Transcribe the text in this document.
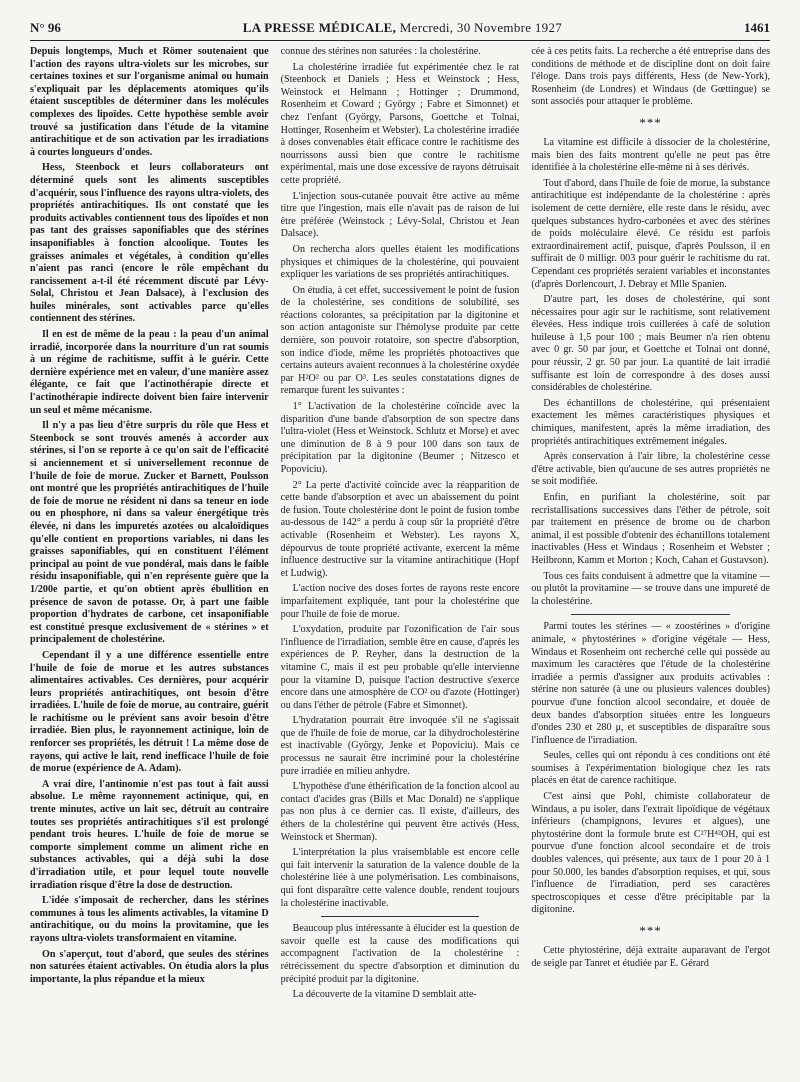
N° 96	LA PRESSE MÉDICALE, Mercredi, 30 Novembre 1927	1461

Depuis longtemps, Much et Römer soutenaient que l'action des rayons ultra-violets sur les microbes, sur certaines toxines et sur l'organisme animal ou humain s'expliquait par les déplacements atomiques qu'ils étaient susceptibles de déterminer dans les molécules complexes des lipoïdes. Cette hypothèse semble avoir trouvé sa justification dans l'étude de la vitamine antirachitique et de son activation par les irradiations à courtes longueurs d'ondes.

Hess, Steenbock et leurs collaborateurs ont déterminé quels sont les aliments susceptibles d'acquérir, sous l'influence des rayons ultra-violets, des propriétés antirachitiques. Ils ont constaté que les produits activables contiennent tous des lipoïdes et non pas tant des graisses saponifiables que des stérines insaponifiables à fonction alcoolique. Toutes les graisses animales et végétales, à condition qu'elles n'aient pas ranci (encore le rôle empêchant du rancissement a-t-il été récemment discuté par Lévy-Solal, Christou et Jean Dalsace), à l'exclusion des huiles minérales, sont activables parce qu'elles contiennent des stérines.

Il en est de même de la peau : la peau d'un animal irradié, incorporée dans la nourriture d'un rat soumis à un régime de rachitisme, suffit à le guérir. Cette dernière expérience met en valeur, d'une manière assez élégante, ce fait que l'actinothérapie directe et l'actinothérapie indirecte doivent bien faire intervenir un seul et même mécanisme.

Il n'y a pas lieu d'être surpris du rôle que Hess et Steenbock se sont trouvés amenés à accorder aux stérines, si l'on se reporte à ce qu'on sait de l'efficacité si anciennement et si universellement reconnue de l'huile de foie de morue. Zucker et Barnett, Poulsson ont montré que les propriétés antirachitiques de l'huile de foie de morue ne résident ni dans sa teneur en iode ou en phosphore, ni dans sa valeur énergétique très élevée, ni dans les impuretés azotées ou alcaloïdiques qu'elle contient en proportions variables, ni dans les graisses saponifiables, qui en constituent l'élément principal au point de vue pondéral, mais dans le faible résidu insaponifiable, qui n'en représente guère que la 1/200e partie, et qu'on obtient après ébullition en présence de savon de potasse. Or, à part une faible proportion d'hydrates de carbone, cet insaponifiable est constitué presque exclusivement de « stérines » et principalement de cholestérine.

Cependant il y a une différence essentielle entre l'huile de foie de morue et les autres substances alimentaires activables. Ces dernières, pour acquérir leurs propriétés antirachitiques, ont besoin d'être irradiées. L'huile de foie de morue, au contraire, guérit le rachitisme ou le prévient sans avoir besoin d'être irradiée. Bien plus, le rayonnement actinique, loin de renforcer ses propriétés, les détruit ! La même dose de rayons, qui active le lait, rend inefficace l'huile de foie de morue (expérience de A. Adam).

A vrai dire, l'antinomie n'est pas tout à fait aussi absolue. Le même rayonnement actinique, qui, en trente minutes, active un lait sec, détruit au contraire toutes ses propriétés antirachitiques s'il est prolongé pendant trois heures. L'huile de foie de morue se comporte simplement comme un aliment riche en substances activables, qui a déjà subi la dose d'irradiation utile, et pour lequel toute nouvelle irradiation risque d'être la dose de destruction.

L'idée s'imposait de rechercher, dans les stérines communes à tous les aliments activables, la vitamine D antirachitique, ou du moins la provitamine, que les rayons ultra-violets transformaient en vitamine.

On s'aperçut, tout d'abord, que seules des stérines non saturées étaient activables. On étudia alors la plus importante, la plus répandue et la mieux

connue des stérines non saturées : la cholestérine.

La cholestérine irradiée fut expérimentée chez le rat (Steenbock et Daniels ; Hess et Weinstock ; Hess, Weinstock et Helmann ; Hottinger ; Drummond, Rosenheim et Coward ; György ; Fabre et Simonnet) et chez l'enfant (György, Parsons, Goettche et Tolnai, Hottinger, Rosenheim et Webster). La cholestérine irradiée à doses convenables était efficace contre le rachitisme des nourrissons aussi bien que contre le rachitisme expérimental, mais une dose excessive de rayons détruisait cette propriété.

L'injection sous-cutanée pouvait être active au même titre que l'ingestion, mais elle n'avait pas de raison de lui être préférée (Weinstock ; Lévy-Solal, Christou et Jean Dalsace).

On rechercha alors quelles étaient les modifications physiques et chimiques de la cholestérine, qui pouvaient expliquer les variations de ses propriétés antirachitiques.

On étudia, à cet effet, successivement le point de fusion de la cholestérine, ses conditions de solubilité, ses réactions colorantes, sa précipitation par la digitonine et son action antagoniste sur l'hémolyse produite par cette dernière, son pouvoir rotatoire, son spectre d'absorption, son indice d'iode, même les propriétés photoactives que certains auteurs avaient reconnues à la cholestérine oxydée par H²O² ou par O³. Les seules constatations dignes de remarque furent les suivantes :

1° L'activation de la cholestérine coïncide avec la disparition d'une bande d'absorption de son spectre dans l'ultra-violet (Hess et Weinstock. Schlutz et Morse) et avec une diminution de 8 à 9 pour 100 dans son taux de précipitation par la digitonine (Beumer ; Nitzesco et Popoviciu).

2° La perte d'activité coïncide avec la réapparition de cette bande d'absorption et avec un abaissement du point de fusion. Toute cholestérine dont le point de fusion tombe au-dessous de 142° a perdu à coup sûr la propriété d'être activable (Rosenheim et Webster). Les rayons X, dépourvus de toute propriété activante, exercent la même influence destructive sur la vitamine antirachitique (Hopf et Ludwig).

L'action nocive des doses fortes de rayons reste encore imparfaitement expliquée, tant pour la cholestérine que pour l'huile de foie de morue.

L'oxydation, produite par l'ozonification de l'air sous l'influence de l'irradiation, semble être en cause, d'après les expériences de P. Reyher, dans la destruction de la vitamine C, mais il est peu probable qu'elle intervienne pour la vitamine D, puisque l'action destructive s'exerce encore dans une atmosphère de CO² ou d'azote (Hottinger) ou dans l'éther de pétrole (Fabre et Simonnet).

L'hydratation pourrait être invoquée s'il ne s'agissait que de l'huile de foie de morue, car la dihydrocholestérine est inactivable (György, Jenke et Popoviciu). Mais ce processus ne saurait être incriminé pour la cholestérine pure irradiée en milieu anhydre.

L'hypothèse d'une éthérification de la fonction alcool au contact d'acides gras (Bills et Mac Donald) ne s'applique pas non plus à ce dernier cas. Il existe, d'ailleurs, des éthers de la cholestérine qui peuvent être activés (Hess, Weinstock et Sherman).

L'interprétation la plus vraisemblable est encore celle qui fait intervenir la saturation de la valence double de la cholestérine liée à une polymérisation. Les combinaisons, qui font disparaître cette valence double, rendent toujours la cholestérine inactivable.

Beaucoup plus intéressante à élucider est la question de savoir quelle est la cause des modifications qui accompagnent l'activation de la cholestérine : rétrécissement du spectre d'absorption et diminution du précipité produit par la digitonine.

La découverte de la vitamine D semblait atte-

cée à ces petits faits. La recherche a été entreprise dans des conditions de méthode et de discipline dont on doit faire l'éloge. Dans trois pays différents, Hess (de New-York), Rosenheim (de Londres) et Windaus (de Gœttingue) se sont associés pour attaquer le problème.

***

La vitamine est difficile à dissocier de la cholestérine, mais bien des faits montrent qu'elle ne peut pas être identifiée à la cholestérine elle-même ni à ses dérivés.

Tout d'abord, dans l'huile de foie de morue, la substance antirachitique est indépendante de la cholestérine : après isolement de cette dernière, elle reste dans le résidu, avec quelques substances hydro-carbonées et avec des stérines de poids moléculaire élevé. Ce résidu est parfois extraordinairement actif, puisque, d'après Poulsson, il en suffirait de 0 milligr. 003 pour guérir le rachitisme du rat. Cependant ces propriétés seraient variables et inconstantes (d'après Dorlencourt, J. Debray et Mlle Spanien.

D'autre part, les doses de cholestérine, qui sont nécessaires pour agir sur le rachitisme, sont relativement élevées. Hess indique trois cuillerées à café de solution huileuse à 1,5 pour 100 ; mais Beumer n'a rien obtenu avec 0 gr. 50 par jour, et Goettche et Tolnai ont donné, pour réussir, 2 gr. 50 par jour. La quantité de lait irradié suffisante est loin de correspondre à des doses aussi considérables de cholestérine.

Des échantillons de cholestérine, qui présentaient exactement les mêmes caractéristiques physiques et chimiques, manifestent, après la même irradiation, des propriétés antirachitiques extrêmement inégales.

Après conservation à l'air libre, la cholestérine cesse d'être activable, bien qu'aucune de ses autres propriétés ne se soit modifiée.

Enfin, en purifiant la cholestérine, soit par recristallisations successives dans l'éther de pétrole, soit par traitement en présence de brome ou de charbon animal, il est possible d'obtenir des échantillons totalement inactivables (Hess et Windaus ; Rosenheim et Webster ; Heilbronn, Kamm et Morton ; Koch, Cahan et Gustavson).

Tous ces faits conduisent à admettre que la vitamine — ou plutôt la provitamine — se trouve dans une impureté de la cholestérine.

Parmi toutes les stérines — « zoostérines » d'origine animale, « phytostérines » d'origine végétale — Hess, Windaus et Rosenheim ont recherché celle qui possède au maximum les caractères que l'étude de la cholestérine irradiée a permis d'assigner aux produits activables : stérine non saturée (à une ou plusieurs valences doubles) pourvue d'une fonction alcool secondaire, et douée de deux bandes d'absorption situées entre les longueurs d'ondes 230 et 280 μ, et susceptibles de disparaître sous l'influence de l'irradiation.

Seules, celles qui ont répondu à ces conditions ont été soumises à l'expérimentation biologique chez les rats placés en état de carence rachitique.

C'est ainsi que Pohl, chimiste collaborateur de Windaus, a pu isoler, dans l'extrait lipoïdique de végétaux inférieurs (champignons, levures et algues), une phytostérine dont la formule brute est C²⁷H⁴²OH, qui est pourvue d'une fonction alcool secondaire et de trois doubles valences, qui présente, aux taux de 1 pour 20 à 1 pour 50.000, les bandes d'absorption requises, et qui, sous l'influence de l'irradiation, perd ses caractères spectroscopiques et cesse d'être précipitable par la digitonine.

***

Cette phytostérine, déjà extraite auparavant de l'ergot de seigle par Tanret et étudiée par E. Gérard
